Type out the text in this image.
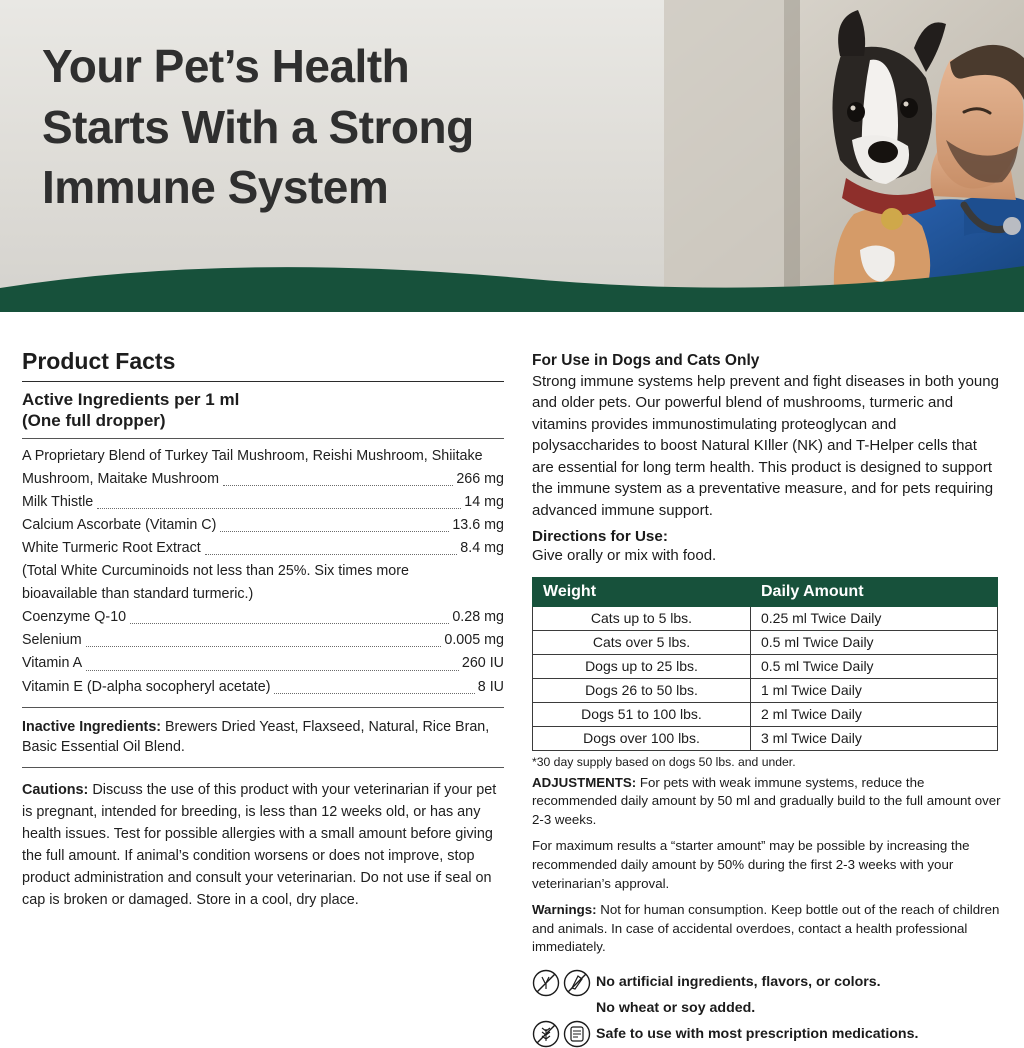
Your Pet’s Health
Starts With a Strong
Immune System
Product Facts
Active Ingredients per 1 ml
(One full dropper)
A Proprietary Blend of Turkey Tail Mushroom, Reishi Mushroom, Shiitake
Mushroom, Maitake Mushroom	266 mg
Milk Thistle	14 mg
Calcium Ascorbate (Vitamin C)	13.6 mg
White Turmeric Root Extract	8.4 mg
(Total White Curcuminoids not less than 25%. Six times more
bioavailable than standard turmeric.)
Coenzyme Q-10	0.28 mg
Selenium	0.005 mg
Vitamin A	260 IU
Vitamin E (D-alpha socopheryl acetate)	8 IU
Inactive Ingredients: Brewers Dried Yeast, Flaxseed, Natural, Rice Bran, Basic Essential Oil Blend.
Cautions: Discuss the use of this product with your veterinarian if your pet is pregnant, intended for breeding, is less than 12 weeks old, or has any health issues. Test for possible allergies with a small amount before giving the full amount. If animal’s condition worsens or does not improve, stop product administration and consult your veterinarian. Do not use if seal on cap is broken or damaged. Store in a cool, dry place.
For Use in Dogs and Cats Only

Strong immune systems help prevent and fight diseases in both young and older pets. Our powerful blend of mushrooms, turmeric and vitamins provides immunostimulating proteoglycan and polysaccharides to boost Natural KIller (NK) and T-Helper cells that are essential for long term health. This product is designed to support the immune system as a preventative measure, and for pets requiring advanced immune support.

Directions for Use:
Give orally or mix with food.
Weight	Daily Amount
Cats up to 5 lbs.	0.25 ml Twice Daily
Cats over 5 lbs.	0.5 ml Twice Daily
Dogs up to 25 lbs.	0.5 ml Twice Daily
Dogs 26 to 50 lbs.	1 ml Twice Daily
Dogs 51 to 100 lbs.	2 ml Twice Daily
Dogs over 100 lbs.	3 ml Twice Daily
*30 day supply based on dogs 50 lbs. and under.
ADJUSTMENTS: For pets with weak immune systems, reduce the recommended daily amount by 50 ml and gradually build to the full amount over 2-3 weeks.
For maximum results a “starter amount” may be possible by increasing the recommended daily amount by 50% during the first 2-3 weeks with your veterinarian’s approval.
Warnings: Not for human consumption. Keep bottle out of the reach of children and animals. In case of accidental overdoes, contact a health professional immediately.
No artificial ingredients, flavors, or colors.
No wheat or soy added.
Safe to use with most prescription medications.
